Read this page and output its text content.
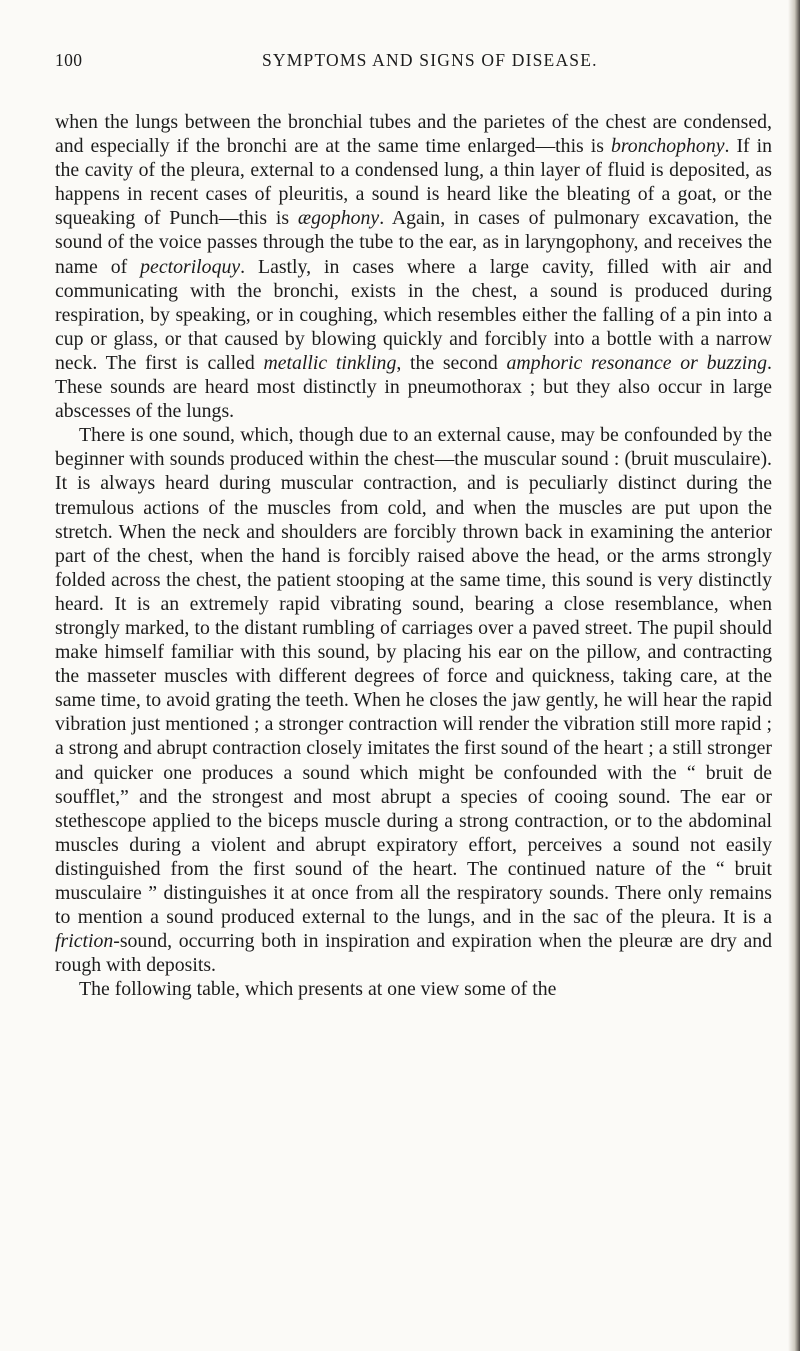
100	SYMPTOMS AND SIGNS OF DISEASE.

when the lungs between the bronchial tubes and the parietes of the chest are condensed, and especially if the bronchi are at the same time enlarged—this is bronchophony. If in the cavity of the pleura, external to a condensed lung, a thin layer of fluid is deposited, as happens in recent cases of pleuritis, a sound is heard like the bleating of a goat, or the squeaking of Punch—this is ægophony. Again, in cases of pulmonary excavation, the sound of the voice passes through the tube to the ear, as in laryngophony, and receives the name of pectoriloquy. Lastly, in cases where a large cavity, filled with air and communicating with the bronchi, exists in the chest, a sound is produced during respiration, by speaking, or in coughing, which resembles either the falling of a pin into a cup or glass, or that caused by blowing quickly and forcibly into a bottle with a narrow neck. The first is called metallic tinkling, the second amphoric resonance or buzzing. These sounds are heard most distinctly in pneumothorax ; but they also occur in large abscesses of the lungs.

There is one sound, which, though due to an external cause, may be confounded by the beginner with sounds produced within the chest—the muscular sound : (bruit musculaire). It is always heard during muscular contraction, and is peculiarly distinct during the tremulous actions of the muscles from cold, and when the muscles are put upon the stretch. When the neck and shoulders are forcibly thrown back in examining the anterior part of the chest, when the hand is forcibly raised above the head, or the arms strongly folded across the chest, the patient stooping at the same time, this sound is very distinctly heard. It is an extremely rapid vibrating sound, bearing a close resemblance, when strongly marked, to the distant rumbling of carriages over a paved street. The pupil should make himself familiar with this sound, by placing his ear on the pillow, and contracting the masseter muscles with different degrees of force and quickness, taking care, at the same time, to avoid grating the teeth. When he closes the jaw gently, he will hear the rapid vibration just mentioned ; a stronger contraction will render the vibration still more rapid ; a strong and abrupt contraction closely imitates the first sound of the heart ; a still stronger and quicker one produces a sound which might be confounded with the “ bruit de soufflet,” and the strongest and most abrupt a species of cooing sound. The ear or stethescope applied to the biceps muscle during a strong contraction, or to the abdominal muscles during a violent and abrupt expiratory effort, perceives a sound not easily distinguished from the first sound of the heart. The continued nature of the “ bruit musculaire ” distinguishes it at once from all the respiratory sounds. There only remains to mention a sound produced external to the lungs, and in the sac of the pleura. It is a friction-sound, occurring both in inspiration and expiration when the pleuræ are dry and rough with deposits.

The following table, which presents at one view some of the
